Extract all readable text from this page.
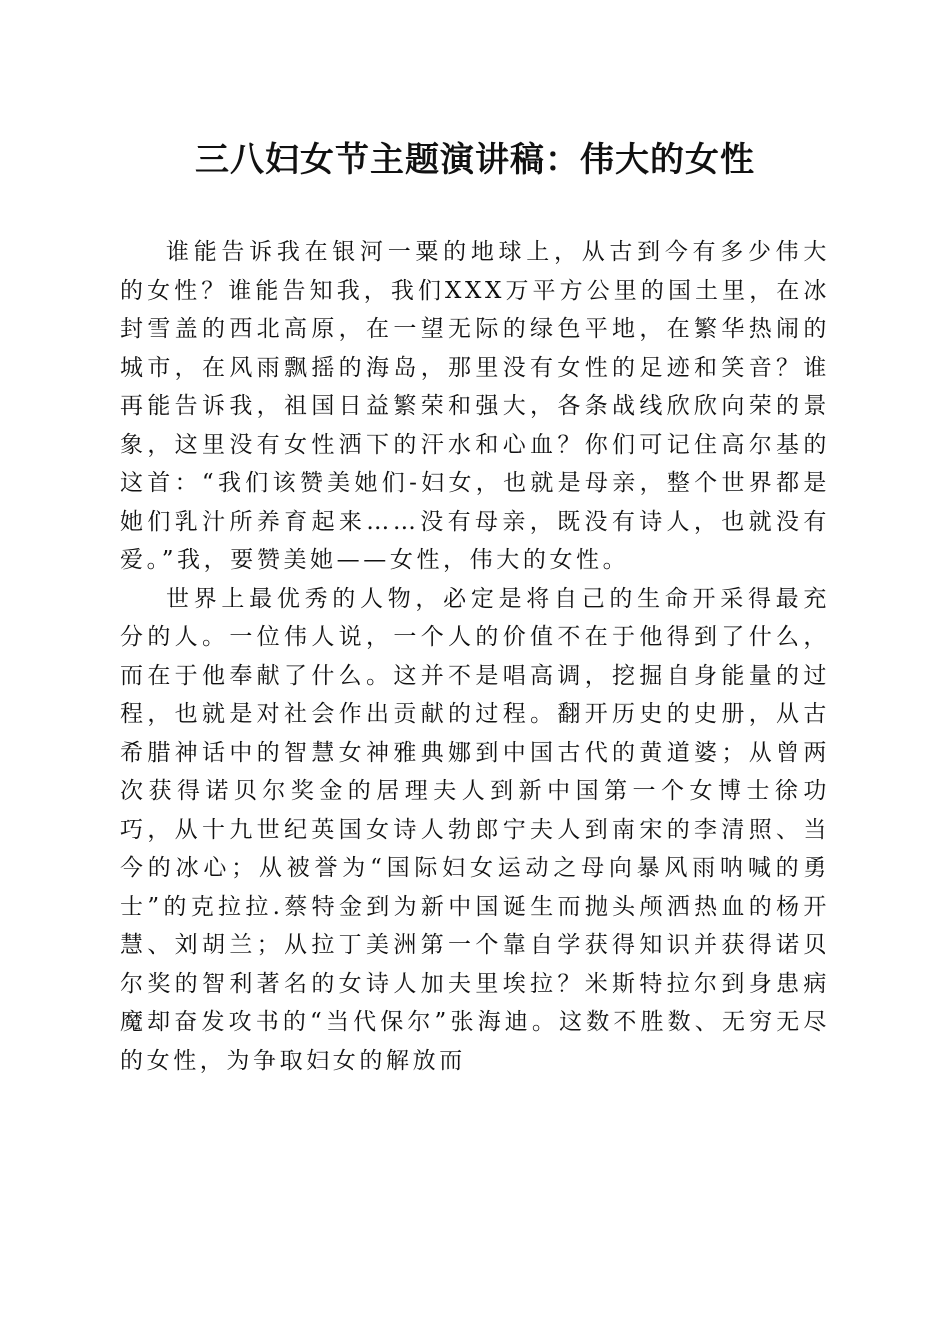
三八妇女节主题演讲稿：伟大的女性

谁能告诉我在银河一粟的地球上，从古到今有多少伟大的女性？谁能告知我，我们XXX万平方公里的国土里，在冰封雪盖的西北高原，在一望无际的绿色平地，在繁华热闹的城市，在风雨飘摇的海岛，那里没有女性的足迹和笑音？谁再能告诉我，祖国日益繁荣和强大，各条战线欣欣向荣的景象，这里没有女性洒下的汗水和心血？你们可记住高尔基的这首：“我们该赞美她们-妇女，也就是母亲，整个世界都是她们乳汁所养育起来……没有母亲，既没有诗人，也就没有爱。”我，要赞美她——女性，伟大的女性。

世界上最优秀的人物，必定是将自己的生命开采得最充分的人。一位伟人说，一个人的价值不在于他得到了什么，而在于他奉献了什么。这并不是唱高调，挖掘自身能量的过程，也就是对社会作出贡献的过程。翻开历史的史册，从古希腊神话中的智慧女神雅典娜到中国古代的黄道婆；从曾两次获得诺贝尔奖金的居理夫人到新中国第一个女博士徐功巧，从十九世纪英国女诗人勃郎宁夫人到南宋的李清照、当今的冰心；从被誉为“国际妇女运动之母向暴风雨呐喊的勇士”的克拉拉.蔡特金到为新中国诞生而抛头颅洒热血的杨开慧、刘胡兰；从拉丁美洲第一个靠自学获得知识并获得诺贝尔奖的智利著名的女诗人加夫里埃拉？米斯特拉尔到身患病魔却奋发攻书的“当代保尔”张海迪。这数不胜数、无穷无尽的女性，为争取妇女的解放而
